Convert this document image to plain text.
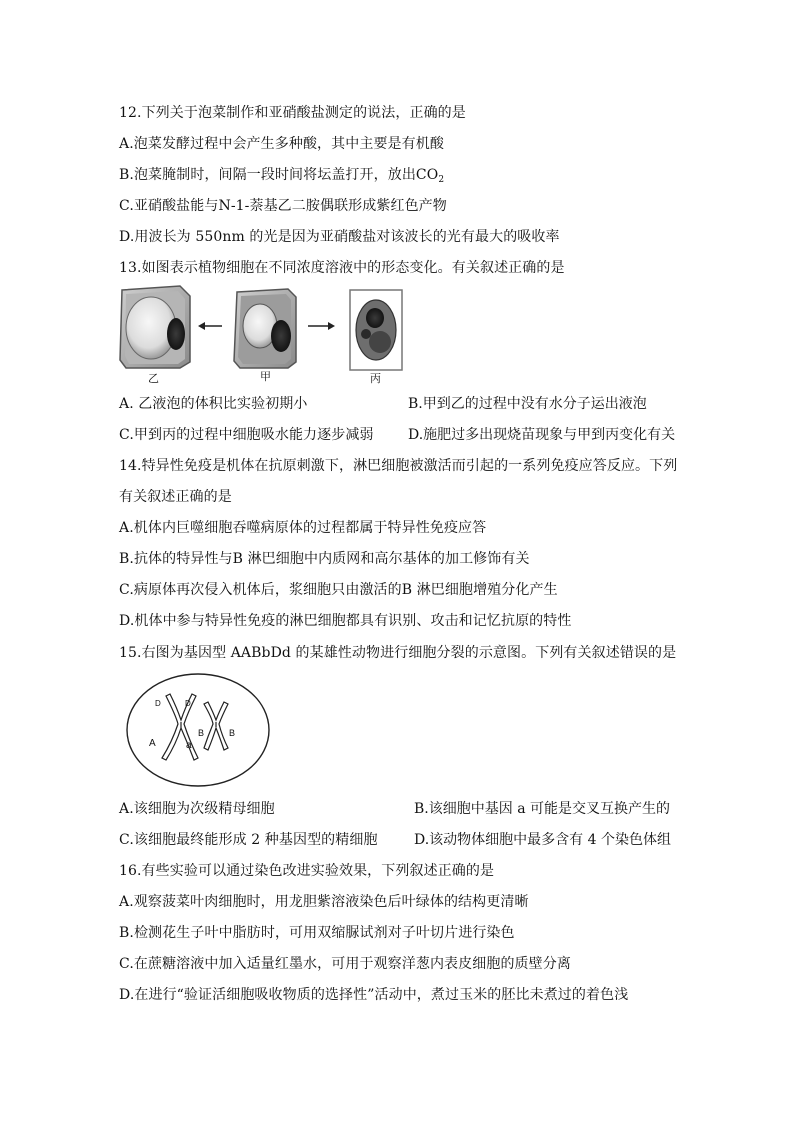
12.下列关于泡菜制作和亚硝酸盐测定的说法，正确的是
A.泡菜发酵过程中会产生多种酸，其中主要是有机酸
B.泡菜腌制时，间隔一段时间将坛盖打开，放出$CO_2$
C.亚硝酸盐能与N-1-萘基乙二胺偶联形成紫红色产物
D.用波长为 550nm 的光是因为亚硝酸盐对该波长的光有最大的吸收率
13.如图表示植物细胞在不同浓度溶液中的形态变化。有关叙述正确的是
乙	甲	丙
A. 乙液泡的体积比实验初期小	B.甲到乙的过程中没有水分子运出液泡
C.甲到丙的过程中细胞吸水能力逐步减弱 D.施肥过多出现烧苗现象与甲到丙变化有关
14.特异性免疫是机体在抗原刺激下，淋巴细胞被激活而引起的一系列免疫应答反应。下列
有关叙述正确的是
A.机体内巨噬细胞吞噬病原体的过程都属于特异性免疫应答
B.抗体的特异性与B 淋巴细胞中内质网和高尔基体的加工修饰有关
C.病原体再次侵入机体后，浆细胞只由激活的B 淋巴细胞增殖分化产生
D.机体中参与特异性免疫的淋巴细胞都具有识别、攻击和记忆抗原的特性
15.右图为基因型 AABbDd 的某雄性动物进行细胞分裂的示意图。下列有关叙述错误的是
D	D
A	a
B	B
A.该细胞为次级精母细胞	B.该细胞中基因 a 可能是交叉互换产生的
C.该细胞最终能形成 2 种基因型的精细胞	D.该动物体细胞中最多含有 4 个染色体组
16.有些实验可以通过染色改进实验效果，下列叙述正确的是
A.观察菠菜叶肉细胞时，用龙胆紫溶液染色后叶绿体的结构更清晰
B.检测花生子叶中脂肪时，可用双缩脲试剂对子叶切片进行染色
C.在蔗糖溶液中加入适量红墨水，可用于观察洋葱内表皮细胞的质壁分离
D.在进行“验证活细胞吸收物质的选择性”活动中，煮过玉米的胚比未煮过的着色浅
